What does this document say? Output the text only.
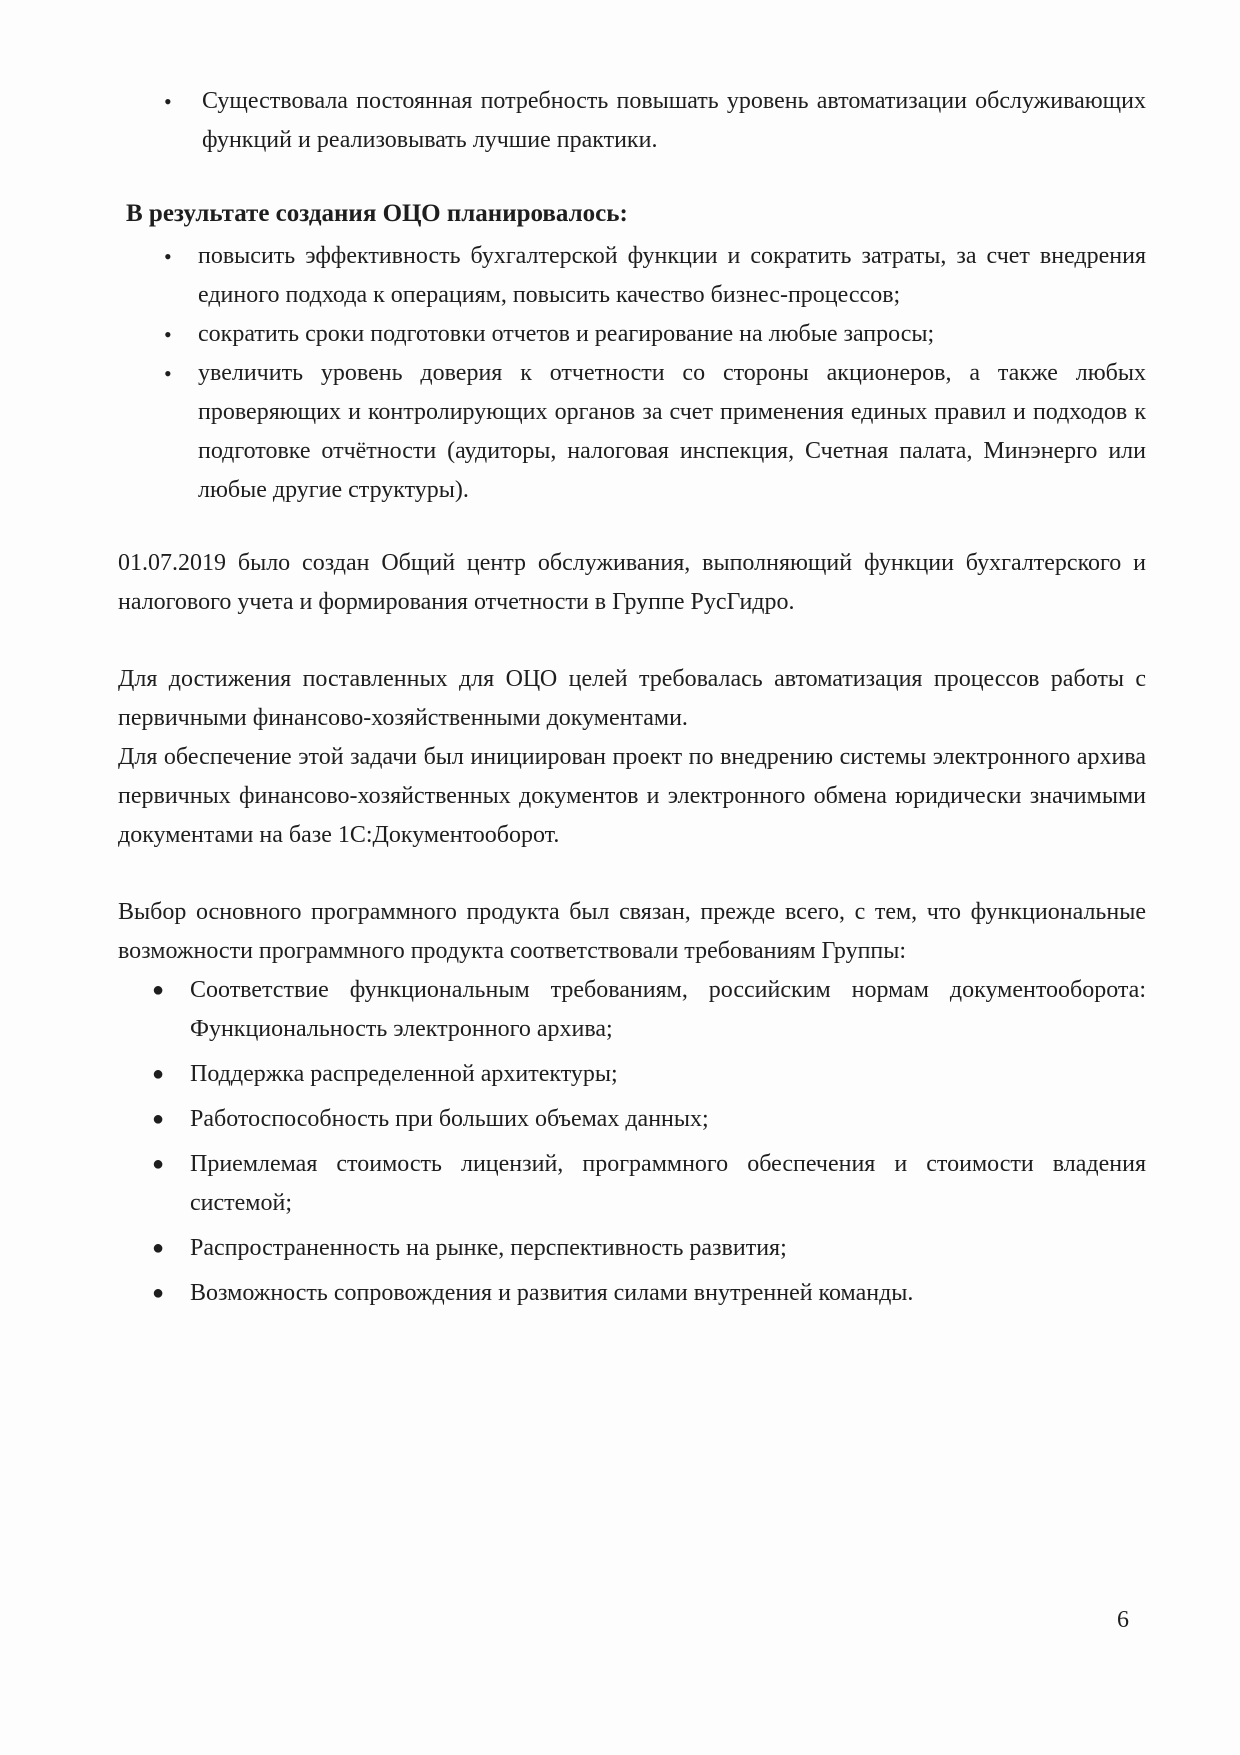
• Существовала постоянная потребность повышать уровень автоматизации обслуживающих функций и реализовывать лучшие практики.
В результате создания ОЦО планировалось:
• повысить эффективность бухгалтерской функции и сократить затраты, за счет внедрения единого подхода к операциям, повысить качество бизнес-процессов;
• сократить сроки подготовки отчетов и реагирование на любые запросы;
• увеличить уровень доверия к отчетности со стороны акционеров, а также любых проверяющих и контролирующих органов за счет применения единых правил и подходов к подготовке отчётности (аудиторы, налоговая инспекция, Счетная палата, Минэнерго или любые другие структуры).

01.07.2019 было создан Общий центр обслуживания, выполняющий функции бухгалтерского и налогового учета и формирования отчетности в Группе РусГидро.

Для достижения поставленных для ОЦО целей требовалась автоматизация процессов работы с первичными финансово-хозяйственными документами.

Для обеспечение этой задачи был инициирован проект по внедрению системы электронного архива первичных финансово-хозяйственных документов и электронного обмена юридически значимыми документами на базе 1С:Документооборот.

Выбор основного программного продукта был связан, прежде всего, с тем, что функциональные возможности программного продукта соответствовали требованиям Группы:

● Соответствие функциональным требованиям, российским нормам документооборота: Функциональность электронного архива;
● Поддержка распределенной архитектуры;
● Работоспособность при больших объемах данных;
● Приемлемая стоимость лицензий, программного обеспечения и стоимости владения системой;
● Распространенность на рынке, перспективность развития;
● Возможность сопровождения и развития силами внутренней команды.
6
